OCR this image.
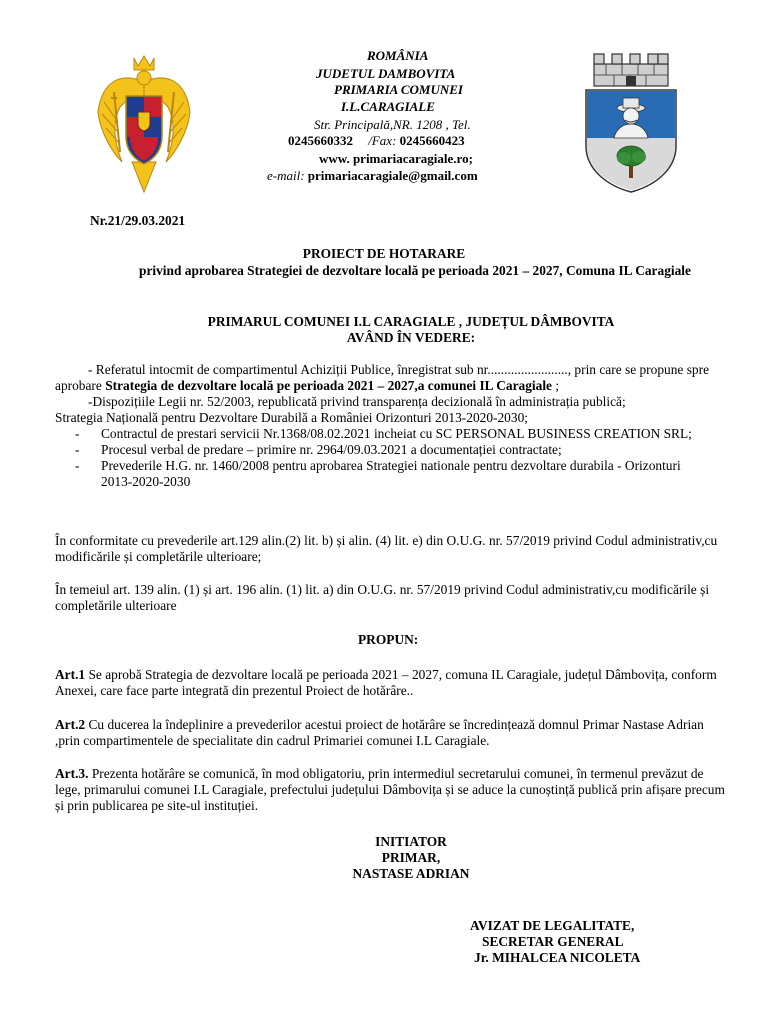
ROMÂNIA
JUDETUL DAMBOVITA
PRIMARIA COMUNEI
I.L.CARAGIALE
Str. Principală,NR. 1208 , Tel.
0245660332 /Fax: 0245660423
www. primariacaragiale.ro;
e-mail: primariacaragiale@gmail.com
Nr.21/29.03.2021
PROIECT DE HOTARARE
privind aprobarea Strategiei de dezvoltare locală pe perioada 2021 – 2027, Comuna IL Caragiale
PRIMARUL COMUNEI I.L CARAGIALE , JUDEȚUL DÂMBOVITA
AVÂND ÎN VEDERE:

- Referatul intocmit de compartimentul Achiziții Publice, înregistrat sub nr........................, prin care se propune spre aprobare Strategia de dezvoltare locală pe perioada 2021 – 2027,a comunei IL Caragiale ;

-Dispozițiile Legii nr. 52/2003, republicată privind transparența decizională în administrația publică;

Strategia Națională pentru Dezvoltare Durabilă a României Orizonturi 2013-2020-2030;

- Contractul de prestari servicii Nr.1368/08.02.2021 incheiat cu SC PERSONAL BUSINESS CREATION SRL;
- Procesul verbal de predare – primire nr. 2964/09.03.2021 a documentației contractate;
- Prevederile H.G. nr. 1460/2008 pentru aprobarea Strategiei nationale pentru dezvoltare durabila - Orizonturi 2013-2020-2030
În conformitate cu prevederile art.129 alin.(2) lit. b) și alin. (4) lit. e) din O.U.G. nr. 57/2019 privind Codul administrativ,cu modificările și completările ulterioare;
În temeiul art. 139 alin. (1) și art. 196 alin. (1) lit. a) din O.U.G. nr. 57/2019 privind Codul administrativ,cu modificările și completările ulterioare
PROPUN:
Art.1 Se aprobă Strategia de dezvoltare locală pe perioada 2021 – 2027, comuna IL Caragiale, județul Dâmbovița, conform Anexei, care face parte integrată din prezentul Proiect de hotărâre..
Art.2 Cu ducerea la îndeplinire a prevederilor acestui proiect de hotărâre se încredințează domnul Primar Nastase Adrian ,prin compartimentele de specialitate din cadrul Primariei comunei I.L Caragiale.
Art.3. Prezenta hotărâre se comunică, în mod obligatoriu, prin intermediul secretarului comunei, în termenul prevăzut de lege, primarului comunei I.L Caragiale, prefectului județului Dâmbovița și se aduce la cunoștință publică prin afișare precum și prin publicarea pe site-ul instituției.
INITIATOR
PRIMAR,
NASTASE ADRIAN
AVIZAT DE LEGALITATE,
SECRETAR GENERAL
Jr. MIHALCEA NICOLETA
